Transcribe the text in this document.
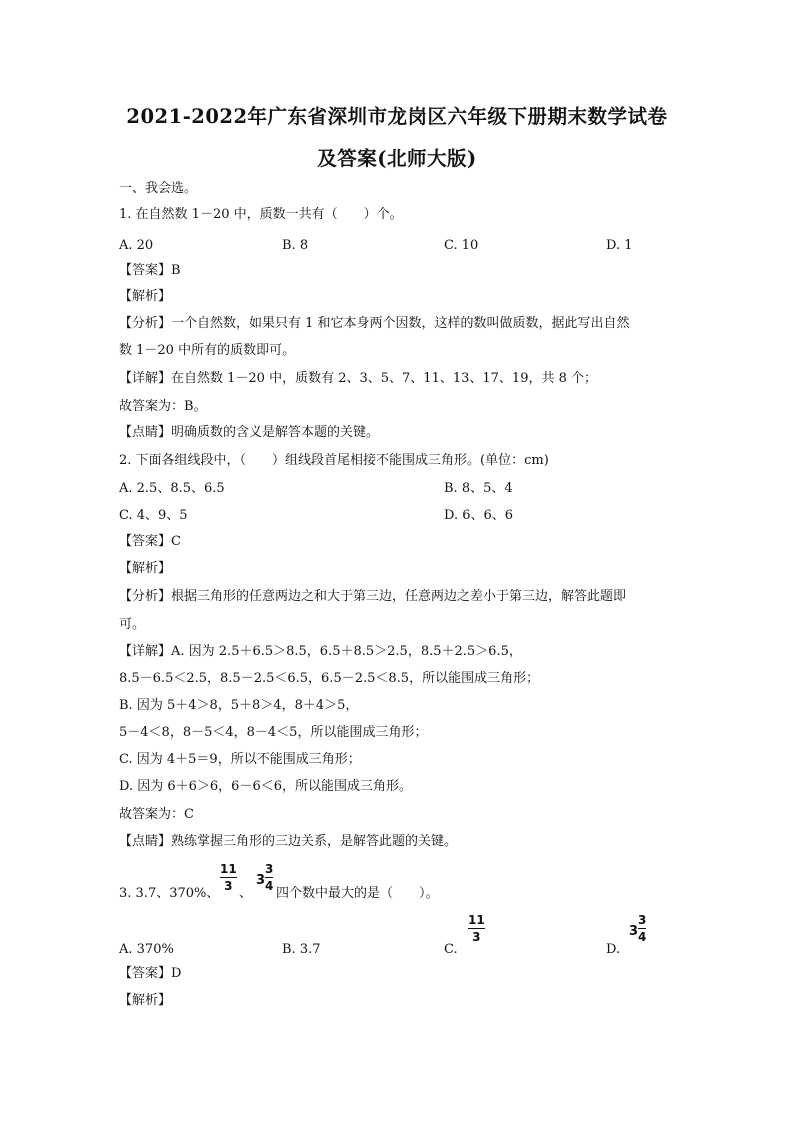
2021-2022年广东省深圳市龙岗区六年级下册期末数学试卷
及答案(北师大版)
一、我会选。
1. 在自然数 1－20 中，质数一共有（　　）个。
A. 20	B. 8	C. 10	D. 1
【答案】B
【解析】
【分析】一个自然数，如果只有 1 和它本身两个因数，这样的数叫做质数，据此写出自然
数 1－20 中所有的质数即可。
【详解】在自然数 1－20 中，质数有 2、3、5、7、11、13、17、19，共 8 个；
故答案为：B。
【点睛】明确质数的含义是解答本题的关键。
2. 下面各组线段中，（　　）组线段首尾相接不能围成三角形。(单位：cm)
A. 2.5、8.5、6.5	B. 8、5、4
C. 4、9、5	D. 6、6、6
【答案】C
【解析】
【分析】根据三角形的任意两边之和大于第三边，任意两边之差小于第三边，解答此题即
可。
【详解】A. 因为 2.5＋6.5＞8.5，6.5＋8.5＞2.5，8.5＋2.5＞6.5，
8.5－6.5＜2.5，8.5－2.5＜6.5，6.5－2.5＜8.5，所以能围成三角形；
B. 因为 5＋4＞8，5＋8＞4，8＋4＞5，
5－4＜8，8－5＜4，8－4＜5，所以能围成三角形；
C. 因为 4＋5＝9，所以不能围成三角形；
D. 因为 6＋6＞6，6－6＜6，所以能围成三角形。
故答案为：C
【点睛】熟练掌握三角形的三边关系，是解答此题的关键。
3. 3.7、370%、
11
3 、
3
3
4 四个数中最大的是（　　）。
A. 370%	B. 3.7	C.
11
3
D.
3
3
4
【答案】D
【解析】
